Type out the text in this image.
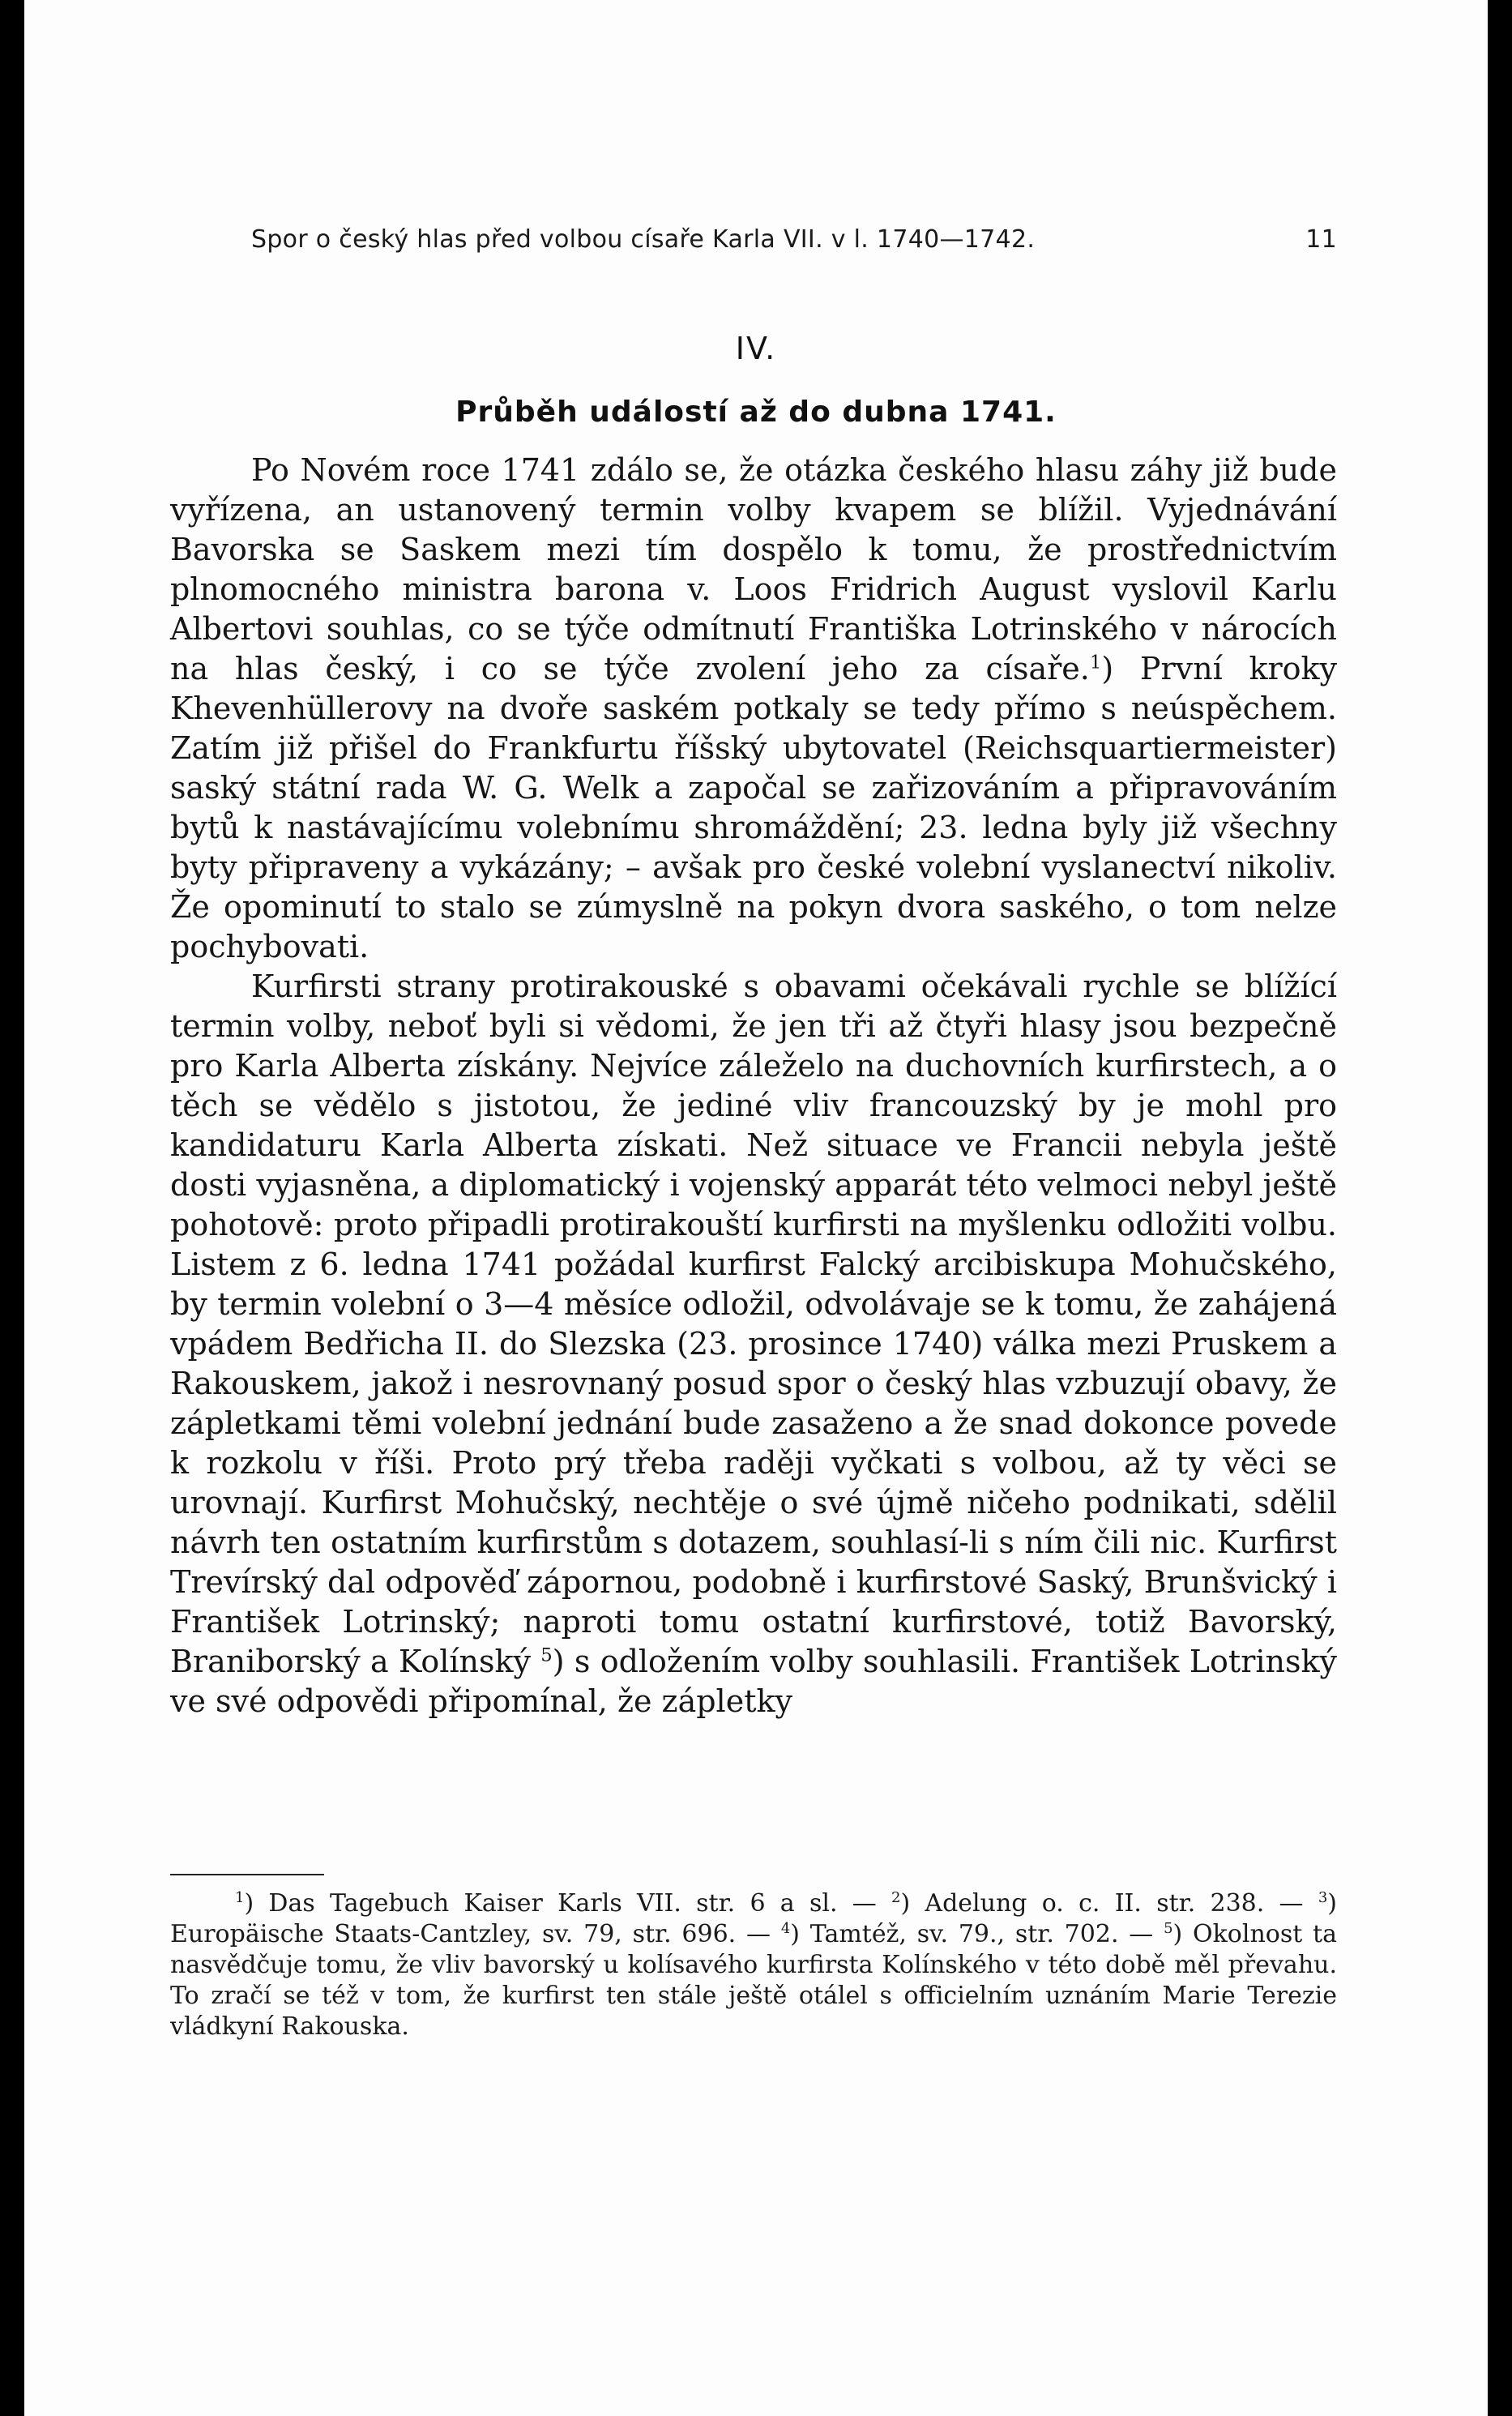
Spor o český hlas před volbou císaře Karla VII. v l. 1740—1742.	11
IV.
Průběh událostí až do dubna 1741.

Po Novém roce 1741 zdálo se, že otázka českého hlasu záhy již bude vyřízena, an ustanovený termin volby kvapem se blížil. Vyjednávání Bavorska se Saskem mezi tím dospělo k tomu, že prostřednictvím plnomocného ministra barona v. Loos Fridrich August vyslovil Karlu Albertovi souhlas, co se týče odmítnutí Františka Lotrinského v nárocích na hlas český, i co se týče zvolení jeho za císaře.$^1$) První kroky Khevenhüllerovy na dvoře saském potkaly se tedy přímo s neúspěchem. Zatím již přišel do Frankfurtu říšský ubytovatel (Reichsquartiermeister) saský státní rada W. G. Welk a započal se zařizováním a připravováním bytů k nastávajícímu volebnímu shromáždění; 23. ledna byly již všechny byty připraveny a vykázány; – avšak pro české volební vyslanectví nikoliv. Že opominutí to stalo se zúmyslně na pokyn dvora saského, o tom nelze pochybovati.

Kurfirsti strany protirakouské s obavami očekávali rychle se blížící termin volby, neboť byli si vědomi, že jen tři až čtyři hlasy jsou bezpečně pro Karla Alberta získány. Nejvíce záleželo na duchovních kurfirstech, a o těch se vědělo s jistotou, že jediné vliv francouzský by je mohl pro kandidaturu Karla Alberta získati. Než situace ve Francii nebyla ještě dosti vyjasněna, a diplomatický i vojenský apparát této velmoci nebyl ještě pohotově: proto připadli protirakouští kurfirsti na myšlenku odložiti volbu. Listem z 6. ledna 1741 požádal kurfirst Falcký arcibiskupa Mohučského, by termin volební o 3—4 měsíce odložil, odvolávaje se k tomu, že zahájená vpádem Bedřicha II. do Slezska (23. prosince 1740) válka mezi Pruskem a Rakouskem, jakož i nesrovnaný posud spor o český hlas vzbuzují obavy, že zápletkami těmi volební jednání bude zasaženo a že snad dokonce povede k rozkolu v říši. Proto prý třeba raději vyčkati s volbou, až ty věci se urovnají. Kurfirst Mohučský, nechtěje o své újmě ničeho podnikati, sdělil návrh ten ostatním kurfirstům s dotazem, souhlasí-li s ním čili nic. Kurfirst Trevírský dal odpověď zápornou, podobně i kurfirstové Saský, Brunšvický i František Lotrinský; naproti tomu ostatní kurfirstové, totiž Bavorský, Braniborský a Kolínský $^5$) s odložením volby souhlasili. František Lotrinský ve své odpovědi připomínal, že zápletky

$^1$) Das Tagebuch Kaiser Karls VII. str. 6 a sl. — $^2$) Adelung o. c. II. str. 238. — $^3$) Europäische Staats-Cantzley, sv. 79, str. 696. — $^4$) Tamtéž, sv. 79., str. 702. — $^5$) Okolnost ta nasvědčuje tomu, že vliv bavorský u kolísavého kurfirsta Kolínského v této době měl převahu. To zračí se též v tom, že kurfirst ten stále ještě otálel s officielním uznáním Marie Terezie vládkyní Rakouska.
